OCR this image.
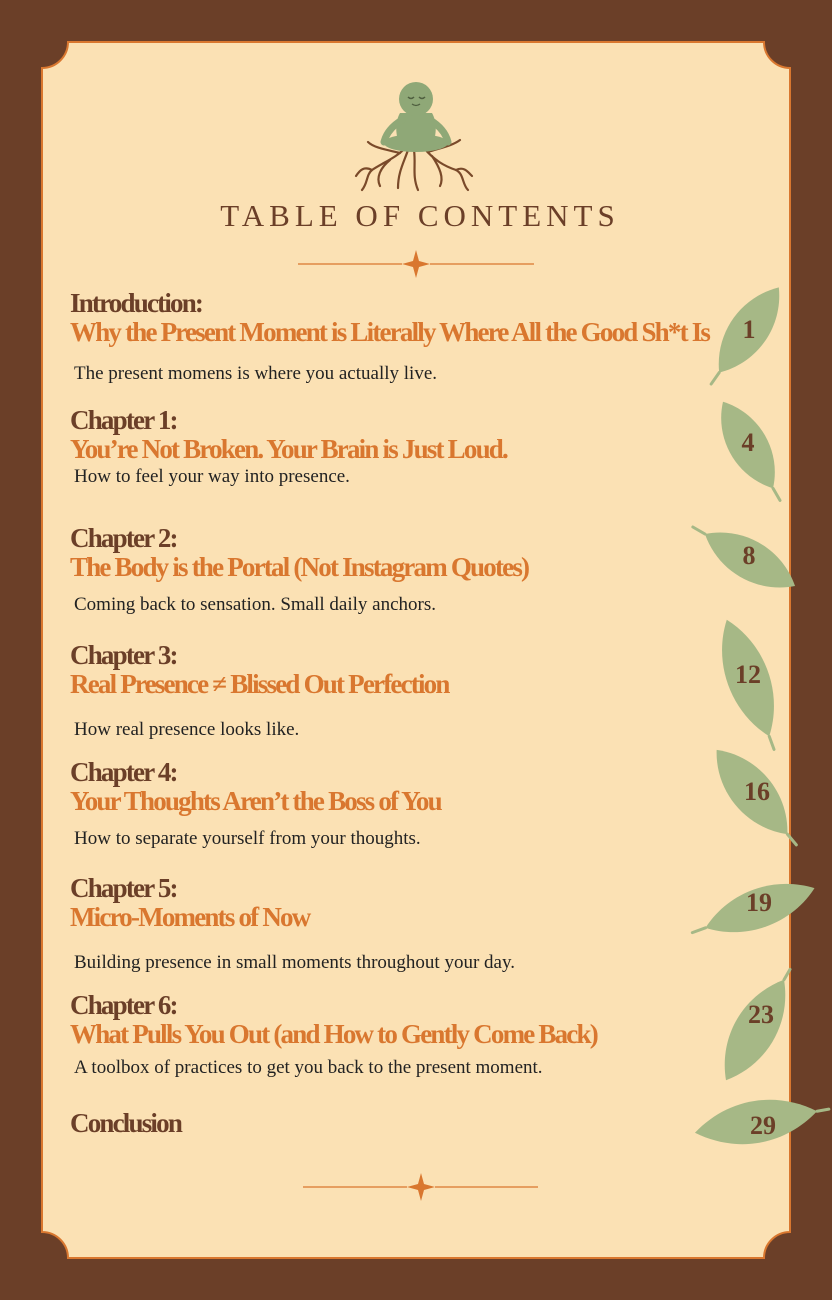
TABLE OF CONTENTS
Introduction:
Why the Present Moment is Literally Where All the Good Sh*t Is
The present momens is where you actually live.
Chapter 1:
You’re Not Broken. Your Brain is Just Loud.
How to feel your way into presence.
Chapter 2:
The Body is the Portal (Not Instagram Quotes)
Coming back to sensation. Small daily anchors.
Chapter 3:
Real Presence ≠ Blissed Out Perfection
How real presence looks like.
Chapter 4:
Your Thoughts Aren’t the Boss of You
How to separate yourself from your thoughts.
Chapter 5:
Micro-Moments of Now
Building presence in small moments throughout your day.
Chapter 6:
What Pulls You Out (and How to Gently Come Back)
A toolbox of practices to get you back to the present moment.
Conclusion
1
4
8
12
16
19
23
29
